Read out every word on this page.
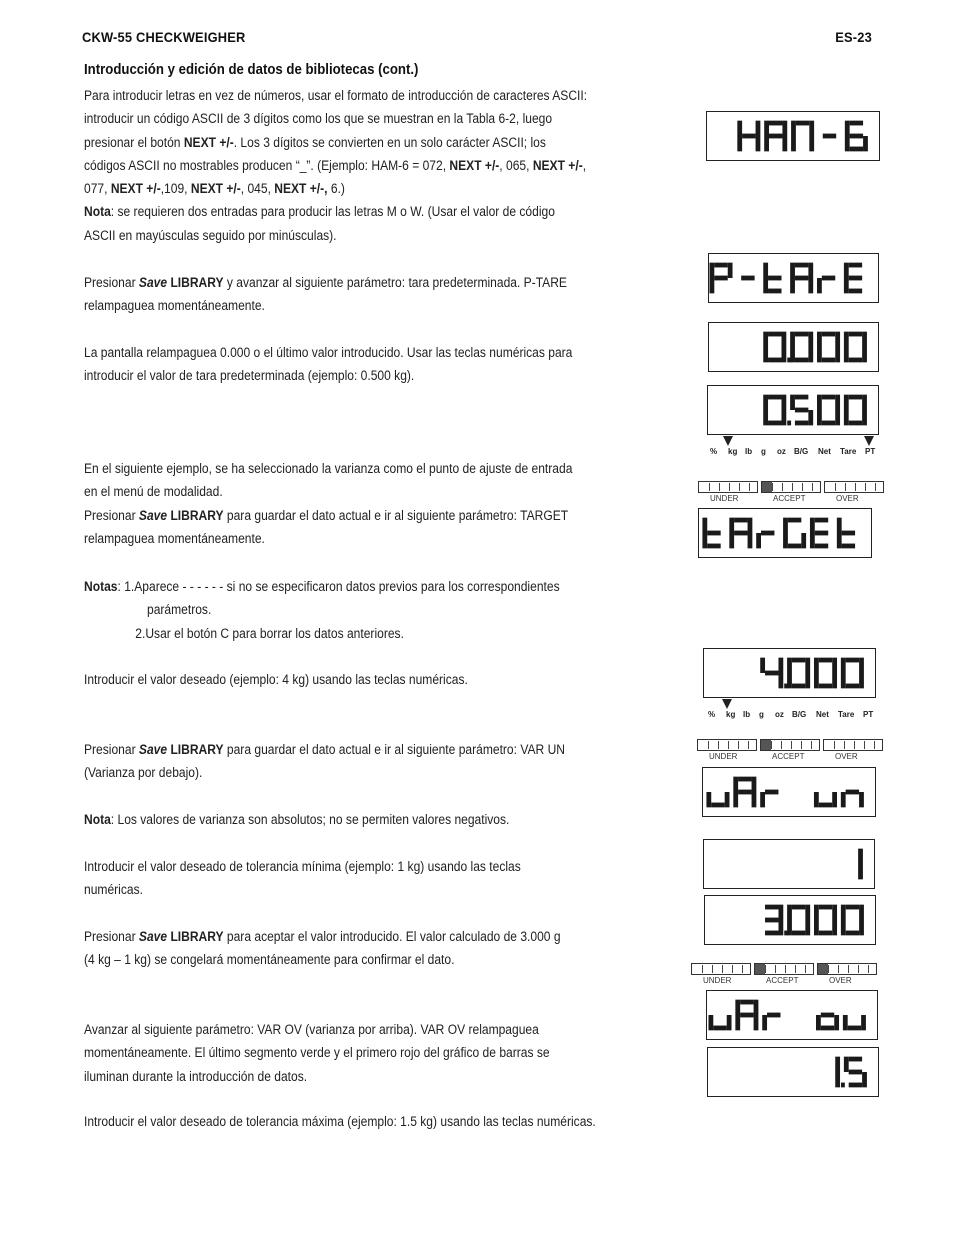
CKW-55 CHECKWEIGHER	ES-23
Introducción y edición de datos de bibliotecas (cont.)
Para introducir letras en vez de números, usar el formato de introducción de caracteres ASCII:
introducir un código ASCII de 3 dígitos como los que se muestran en la Tabla 6-2, luego
presionar el botón NEXT +/-. Los 3 dígitos se convierten en un solo carácter ASCII; los
códigos ASCII no mostrables producen “_”. (Ejemplo: HAM-6 = 072, NEXT +/-, 065, NEXT +/-,
077, NEXT +/-,109, NEXT +/-, 045, NEXT +/-, 6.)
Nota: se requieren dos entradas para producir las letras M o W. (Usar el valor de código
ASCII en mayúsculas seguido por minúsculas).
Presionar Save LIBRARY y avanzar al siguiente parámetro: tara predeterminada. P-TARE
relampaguea momentáneamente.
La pantalla relampaguea 0.000 o el último valor introducido. Usar las teclas numéricas para
introducir el valor de tara predeterminada (ejemplo: 0.500 kg).
En el siguiente ejemplo, se ha seleccionado la varianza como el punto de ajuste de entrada
en el menú de modalidad.
Presionar Save LIBRARY para guardar el dato actual e ir al siguiente parámetro: TARGET
relampaguea momentáneamente.
Notas: 1.Aparece - - - - - - si no se especificaron datos previos para los correspondientes
parámetros.
2.Usar el botón C para borrar los datos anteriores.
Introducir el valor deseado (ejemplo: 4 kg) usando las teclas numéricas.
Presionar Save LIBRARY para guardar el dato actual e ir al siguiente parámetro: VAR UN
(Varianza por debajo).
Nota: Los valores de varianza son absolutos; no se permiten valores negativos.
Introducir el valor deseado de tolerancia mínima (ejemplo: 1 kg) usando las teclas
numéricas.
Presionar Save LIBRARY para aceptar el valor introducido. El valor calculado de 3.000 g
(4 kg – 1 kg) se congelará momentáneamente para confirmar el dato.
Avanzar al siguiente parámetro: VAR OV (varianza por arriba). VAR OV relampaguea
momentáneamente. El último segmento verde y el primero rojo del gráfico de barras se
iluminan durante la introducción de datos.
Introducir el valor deseado de tolerancia máxima (ejemplo: 1.5 kg) usando las teclas numéricas.
% kg lb g oz B/G Net Tare PT
UNDER	ACCEPT	OVER
% kg lb g oz B/G Net Tare PT
UNDER	ACCEPT	OVER
UNDER	ACCEPT	OVER
